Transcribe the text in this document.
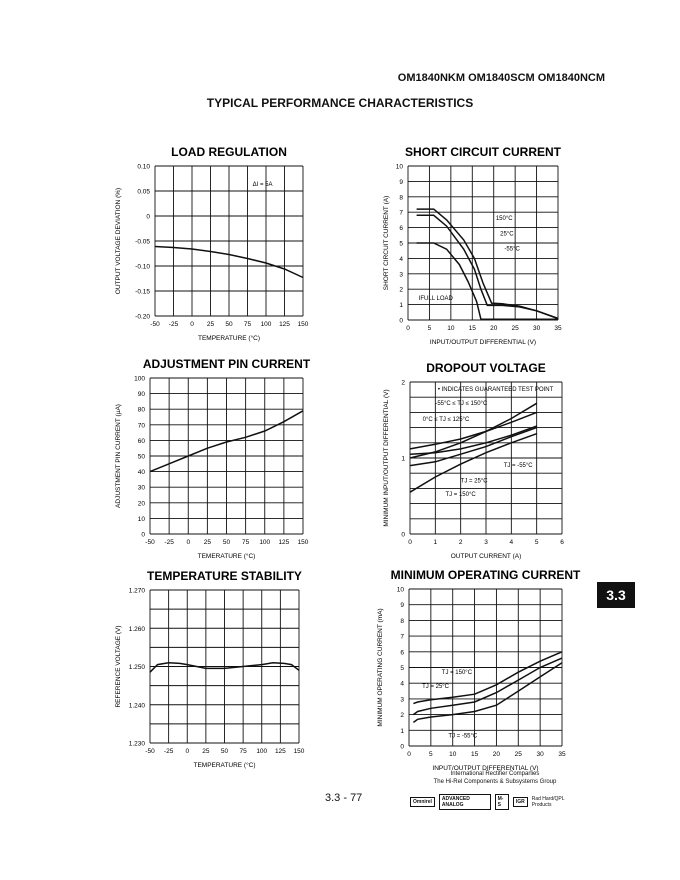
OM1840NKM OM1840SCM OM1840NCM
TYPICAL PERFORMANCE CHARACTERISTICS
LOAD REGULATION
-50 -25 0 25 50 75 100 125 150
0.10
0.05
0
-0.05
-0.10
-0.15
-0.20
TEMPERATURE (°C)
OUTPUT VOLTAGE DEVIATION (%)
ΔI = 5A
SHORT CIRCUIT CURRENT
0	5 10 15 20 25 30 35
10
9
8
7
6
5
4
3
2
1
0
INPUT/OUTPUT DIFFERENTIAL (V)
SHORT CIRCUIT CURRENT (A)	150°C
25°C
-55°C
IFULL LOAD
ADJUSTMENT PIN CURRENT
-50 -25 0 25 50 75 100 125 150
100
90
80
70
60
50
40
30
20
10
0
TEMERATURE (°C)
ADJUSTMENT PIN CURRENT (µA)
DROPOUT VOLTAGE
0	1	2	3	4	5	6
2
1
0
OUTPUT CURRENT (A)
MINIMUM INPUT/OUTPUT DIFFERENTIAL (V)	• INDICATES GUARANTEED TEST POINT
-55°C ≤ TJ ≤ 150°C
0°C ≤ TJ ≤ 125°C
TJ = -55°C
TJ = 25°C
TJ = 150°C
TEMPERATURE STABILITY
-50 -25 0 25 50 75 100 125 150
1.270
1.260
1.250
1.240
1.230
TEMPERATURE (°C)
REFERENCE VOLTAGE (V)
MINIMUM OPERATING CURRENT
0	5	10 15 20 25 30 35
10
9
8
7
6
5
4
3
2
1
0
INPUT/OUTPUT DIFFERENTIAL (V)
MINIMUM OPERATING CURRENT (mA)	TJ = 150°C
TJ = 25°C
TJ = -55°C
3.3
3.3 - 77
International Rectifier Companies
The Hi-Rel Components & Subsystems Group
Omnirel	ADVANCED ANALOG
M-S	IGR	Rad Hard/QPL Products
